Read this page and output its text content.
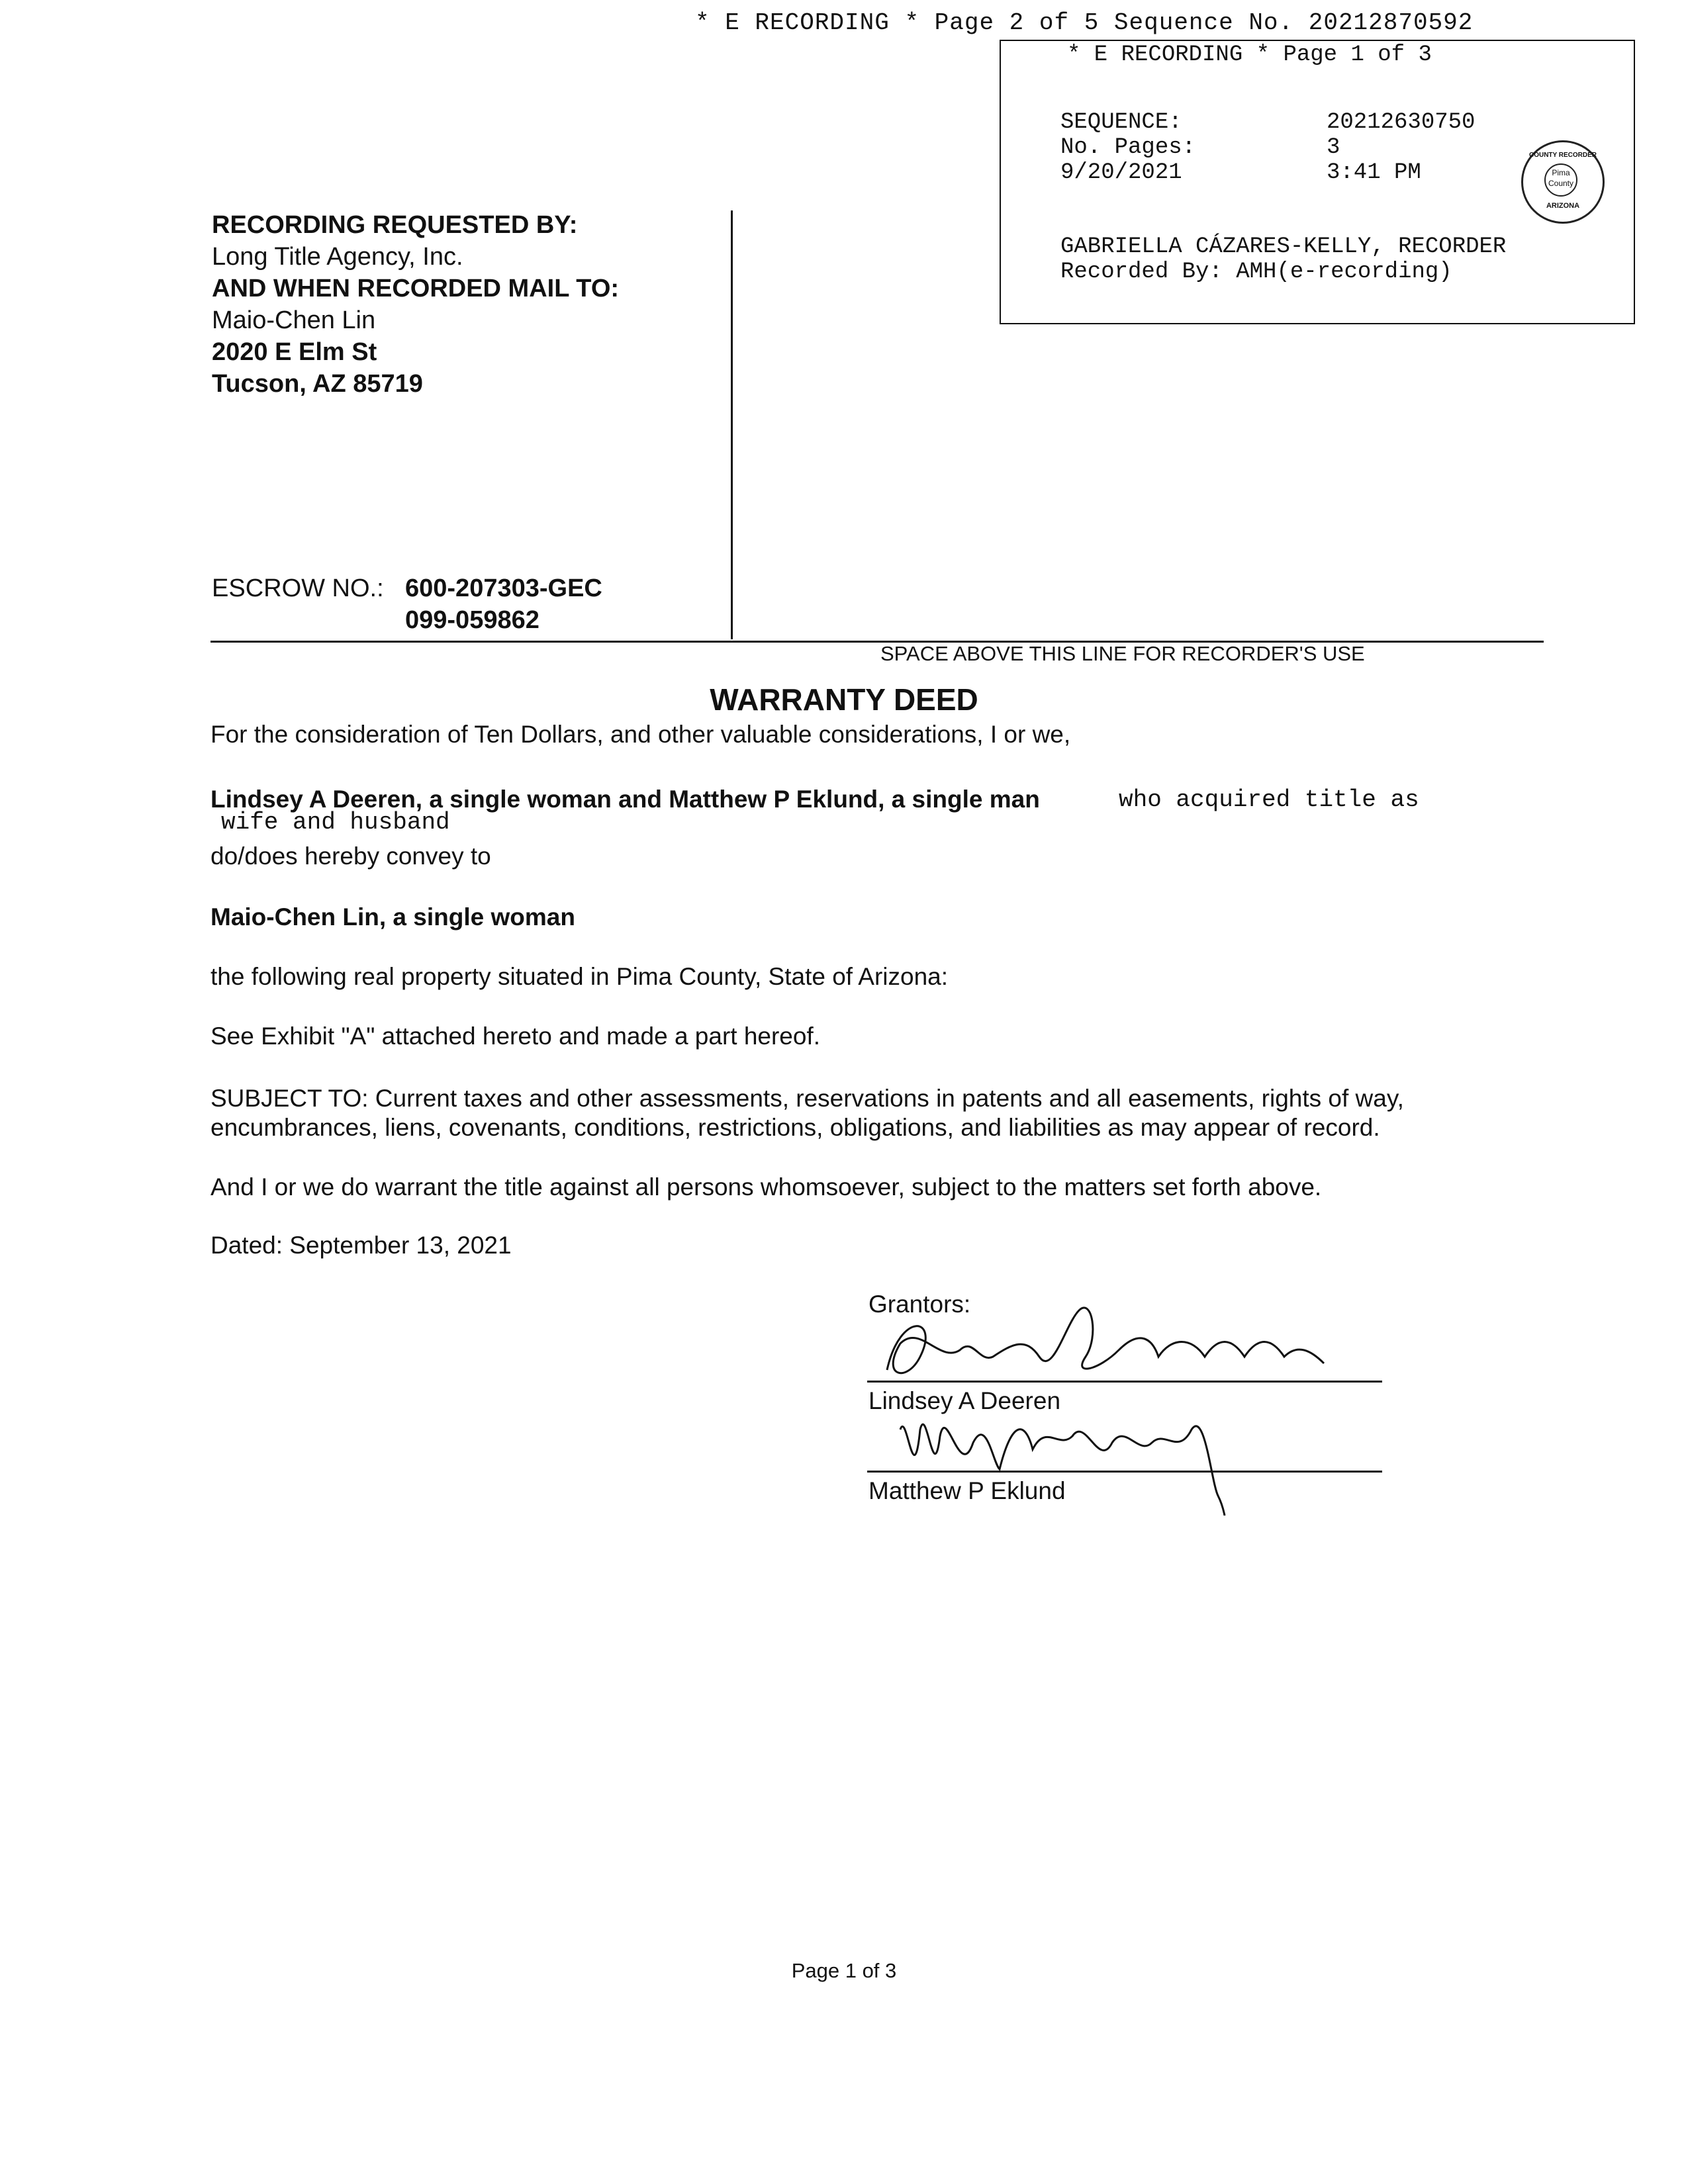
* E RECORDING * Page 2 of 5 Sequence No. 20212870592
* E RECORDING * Page 1 of 3
SEQUENCE:	20212630750
No. Pages:	3
9/20/2021	3:41 PM
GABRIELLA CÁZARES-KELLY, RECORDER
Recorded By: AMH(e-recording)
COUNTY RECORDER
Pima County
ARIZONA
RECORDING REQUESTED BY:
Long Title Agency, Inc.
AND WHEN RECORDED MAIL TO:
Maio-Chen Lin
2020 E Elm St
Tucson, AZ 85719
ESCROW NO.: 600-207303-GEC
099-059862
SPACE ABOVE THIS LINE FOR RECORDER'S USE
WARRANTY DEED
For the consideration of Ten Dollars, and other valuable considerations, I or we,
Lindsey A Deeren, a single woman and Matthew P Eklund, a single man	who acquired title as
wife and husband
do/does hereby convey to
Maio-Chen Lin, a single woman
the following real property situated in Pima County, State of Arizona:
See Exhibit "A" attached hereto and made a part hereof.
SUBJECT TO: Current taxes and other assessments, reservations in patents and all easements, rights of way, encumbrances, liens, covenants, conditions, restrictions, obligations, and liabilities as may appear of record.
And I or we do warrant the title against all persons whomsoever, subject to the matters set forth above.
Dated: September 13, 2021
Grantors:
Lindsey A Deeren
Matthew P Eklund
Page 1 of 3
